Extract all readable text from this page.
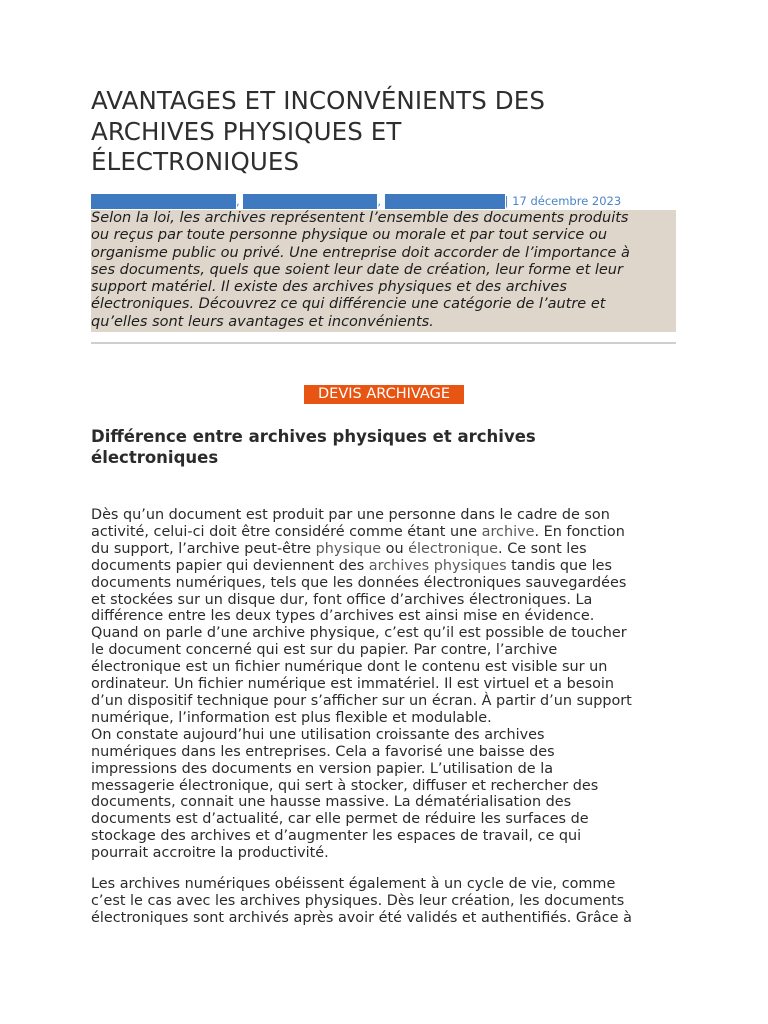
AVANTAGES ET INCONVÉNIENTS DES
ARCHIVES PHYSIQUES ET
ÉLECTRONIQUES
,	,	| 17 décembre 2023

Selon la loi, les archives représentent l’ensemble des documents produits

ou reçus par toute personne physique ou morale et par tout service ou

organisme public ou privé. Une entreprise doit accorder de l’importance à

ses documents, quels que soient leur date de création, leur forme et leur

support matériel. Il existe des archives physiques et des archives

électroniques. Découvrez ce qui différencie une catégorie de l’autre et

qu’elles sont leurs avantages et inconvénients.

DEVIS ARCHIVAGE
Différence entre archives physiques et archives
électroniques

Dès qu’un document est produit par une personne dans le cadre de son

activité, celui-ci doit être considéré comme étant une archive. En fonction

du support, l’archive peut-être physique ou électronique. Ce sont les

documents papier qui deviennent des archives physiques tandis que les

documents numériques, tels que les données électroniques sauvegardées

et stockées sur un disque dur, font office d’archives électroniques. La

différence entre les deux types d’archives est ainsi mise en évidence.

Quand on parle d’une archive physique, c’est qu’il est possible de toucher

le document concerné qui est sur du papier. Par contre, l’archive

électronique est un fichier numérique dont le contenu est visible sur un

ordinateur. Un fichier numérique est immatériel. Il est virtuel et a besoin

d’un dispositif technique pour s’afficher sur un écran. À partir d’un support

numérique, l’information est plus flexible et modulable.

On constate aujourd’hui une utilisation croissante des archives

numériques dans les entreprises. Cela a favorisé une baisse des

impressions des documents en version papier. L’utilisation de la

messagerie électronique, qui sert à stocker, diffuser et rechercher des

documents, connait une hausse massive. La dématérialisation des

documents est d’actualité, car elle permet de réduire les surfaces de

stockage des archives et d’augmenter les espaces de travail, ce qui

pourrait accroitre la productivité.

Les archives numériques obéissent également à un cycle de vie, comme

c’est le cas avec les archives physiques. Dès leur création, les documents

électroniques sont archivés après avoir été validés et authentifiés. Grâce à
